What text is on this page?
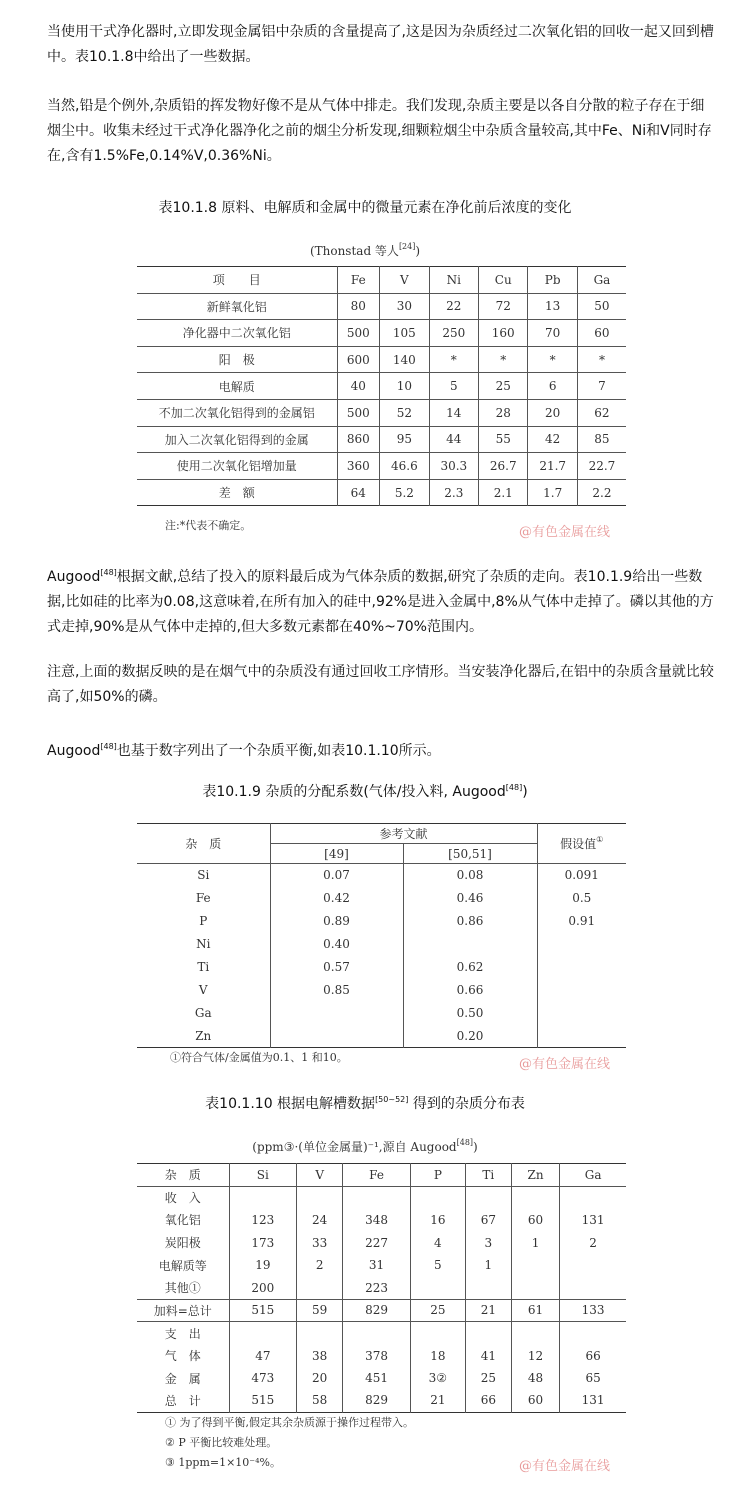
当使用干式净化器时,立即发现金属铝中杂质的含量提高了,这是因为杂质经过二次氧化铝的回收一起又回到槽中。表10.1.8中给出了一些数据。
当然,铅是个例外,杂质铅的挥发物好像不是从气体中排走。我们发现,杂质主要是以各自分散的粒子存在于细烟尘中。收集未经过干式净化器净化之前的烟尘分析发现,细颗粒烟尘中杂质含量较高,其中Fe、Ni和V同时存在,含有1.5%Fe,0.14%V,0.36%Ni。
表10.1.8 原料、电解质和金属中的微量元素在净化前后浓度的变化
(Thonstad 等人[24])
项　　目	Fe	V	Ni	Cu	Pb	Ga
新鲜氧化铝	80	30	22	72	13	50
净化器中二次氧化铝	500	105	250	160	70	60
阳　极	600	140	*	*	*	*
电解质	40	10	5	25	6	7
不加二次氧化铝得到的金属铝	500	52	14	28	20	62
加入二次氧化铝得到的金属	860	95	44	55	42	85
使用二次氧化铝增加量	360	46.6	30.3	26.7	21.7	22.7
差　额	64	5.2	2.3	2.1	1.7	2.2
注:*代表不确定。	@有色金属在线
Augood[48]根据文献,总结了投入的原料最后成为气体杂质的数据,研究了杂质的走向。表10.1.9给出一些数据,比如硅的比率为0.08,这意味着,在所有加入的硅中,92%是进入金属中,8%从气体中走掉了。磷以其他的方式走掉,90%是从气体中走掉的,但大多数元素都在40%~70%范围内。
注意,上面的数据反映的是在烟气中的杂质没有通过回收工序情形。当安装净化器后,在铝中的杂质含量就比较高了,如50%的磷。
Augood[48]也基于数字列出了一个杂质平衡,如表10.1.10所示。
表10.1.9 杂质的分配系数(气体/投入料, Augood[48])
杂　质	参考文献		假设值①
	[49]	[50,51]	
Si	0.07	0.08	0.091
Fe	0.42	0.46	0.5
P	0.89	0.86	0.91
Ni	0.40		
Ti	0.57	0.62	
V	0.85	0.66	
Ga		0.50	
Zn		0.20	
①符合气体/金属值为0.1、1 和10。	@有色金属在线
表10.1.10 根据电解槽数据[50~52] 得到的杂质分布表
(ppm③·(单位金属量)⁻¹,源自 Augood[48])
杂　质	Si	V	Fe	P	Ti	Zn	Ga
收　入							
氧化铝	123	24	348	16	67	60	131
炭阳极	173	33	227	4	3	1	2
电解质等	19	2	31	5	1		
其他①	200		223				
加料=总计	515	59	829	25	21	61	133
支　出							
气　体	47	38	378	18	41	12	66
金　属	473	20	451	3②	25	48	65
总　计	515	58	829	21	66	60	131
① 为了得到平衡,假定其余杂质源于操作过程带入。
② P 平衡比较难处理。
③ 1ppm=1×10⁻⁴%。	@有色金属在线
